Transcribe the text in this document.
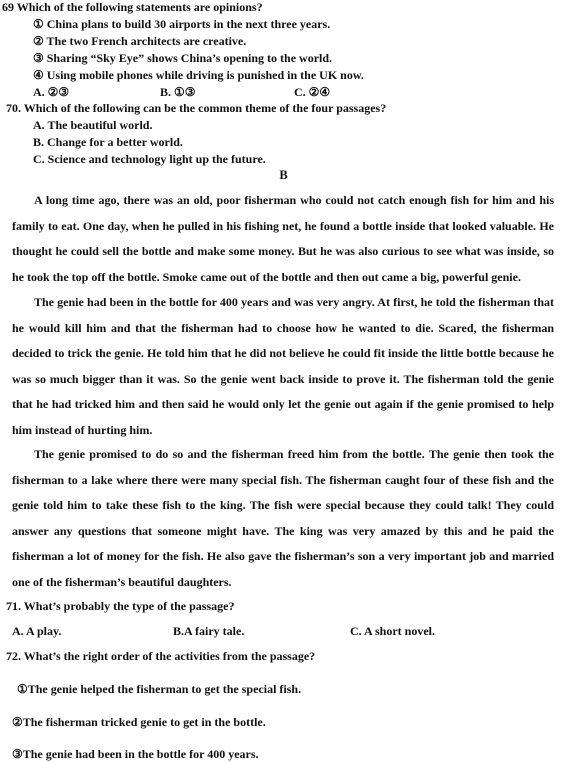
69 Which of the following statements are opinions?
① China plans to build 30 airports in the next three years.
② The two French architects are creative.
③ Sharing “Sky Eye” shows China’s opening to the world.
④ Using mobile phones while driving is punished in the UK now.
A. ②③	B. ①③	C. ②④
70. Which of the following can be the common theme of the four passages?
A. The beautiful world.
B. Change for a better world.
C. Science and technology light up the future.
B

A long time ago, there was an old, poor fisherman who could not catch enough fish for him and his family to eat. One day, when he pulled in his fishing net, he found a bottle inside that looked valuable. He thought he could sell the bottle and make some money. But he was also curious to see what was inside, so he took the top off the bottle. Smoke came out of the bottle and then out came a big, powerful genie.

The genie had been in the bottle for 400 years and was very angry. At first, he told the fisherman that he would kill him and that the fisherman had to choose how he wanted to die. Scared, the fisherman decided to trick the genie. He told him that he did not believe he could fit inside the little bottle because he was so much bigger than it was. So the genie went back inside to prove it. The fisherman told the genie that he had tricked him and then said he would only let the genie out again if the genie promised to help him instead of hurting him.

The genie promised to do so and the fisherman freed him from the bottle. The genie then took the fisherman to a lake where there were many special fish. The fisherman caught four of these fish and the genie told him to take these fish to the king. The fish were special because they could talk! They could answer any questions that someone might have. The king was very amazed by this and he paid the fisherman a lot of money for the fish. He also gave the fisherman’s son a very important job and married one of the fisherman’s beautiful daughters.

71. What’s probably the type of the passage?
A. A play.	B.A fairy tale.	C. A short novel.
72. What’s the right order of the activities from the passage?
①The genie helped the fisherman to get the special fish.
②The fisherman tricked genie to get in the bottle.
③The genie had been in the bottle for 400 years.
